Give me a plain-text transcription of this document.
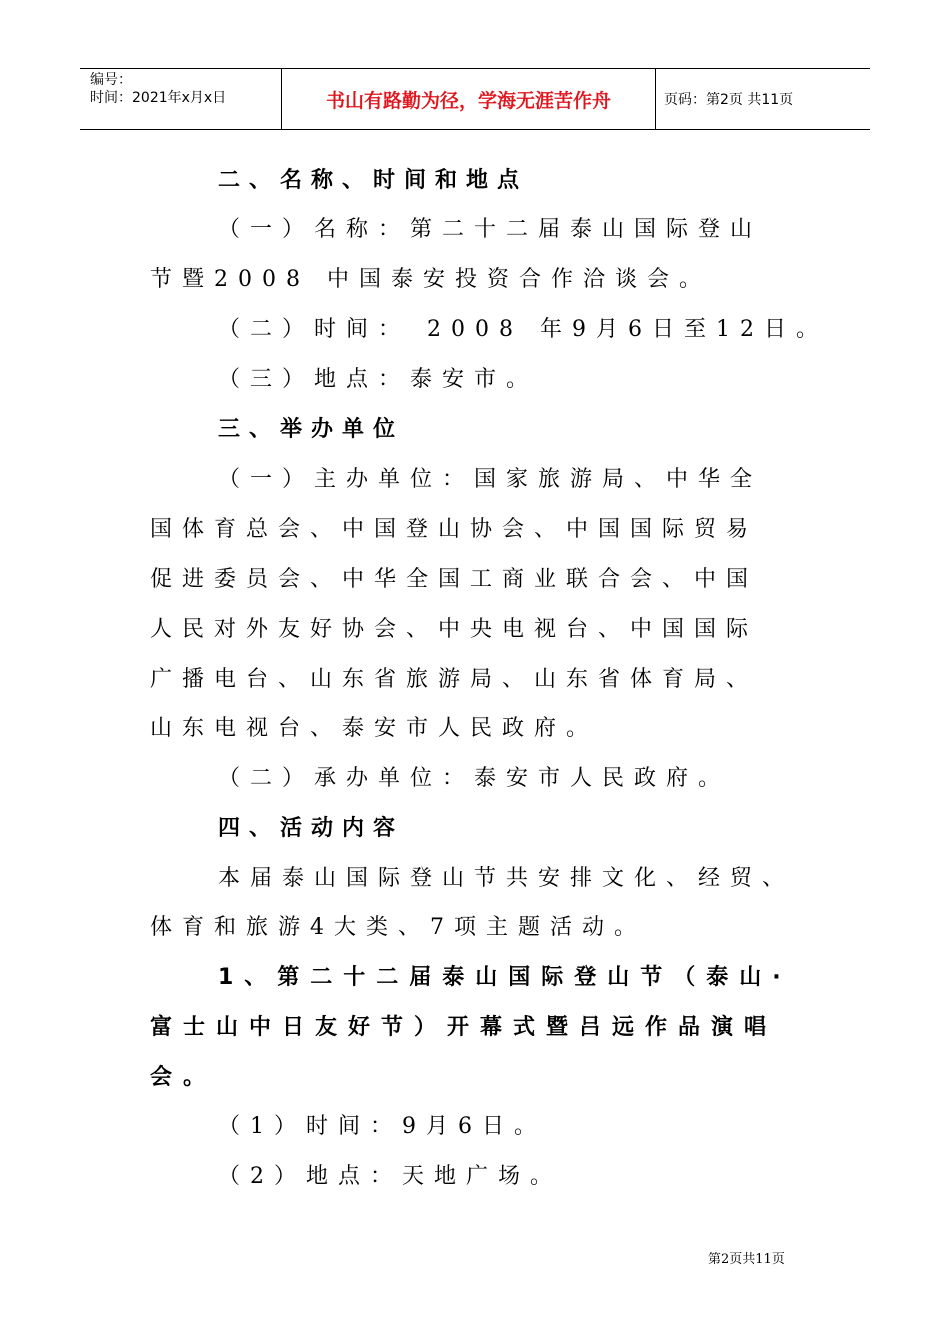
编号：
时间：2021年x月x日	书山有路勤为径，学海无涯苦作舟	页码：第2页 共11页
二、名称、时间和地点
（一）名称：第二十二届泰山国际登山
节暨2008 中国泰安投资合作洽谈会。
（二）时间： 2008 年9月6日至12日。
（三）地点：泰安市。
三、举办单位
（一）主办单位：国家旅游局、中华全
国体育总会、中国登山协会、中国国际贸易
促进委员会、中华全国工商业联合会、中国
人民对外友好协会、中央电视台、中国国际
广播电台、山东省旅游局、山东省体育局、
山东电视台、泰安市人民政府。
（二）承办单位：泰安市人民政府。
四、活动内容
本届泰山国际登山节共安排文化、经贸、
体育和旅游4大类、7项主题活动。
1、第二十二届泰山国际登山节（泰山·
富士山中日友好节）开幕式暨吕远作品演唱
会。
（1）时间：9月6日。
（2）地点：天地广场。
第2页共11页
